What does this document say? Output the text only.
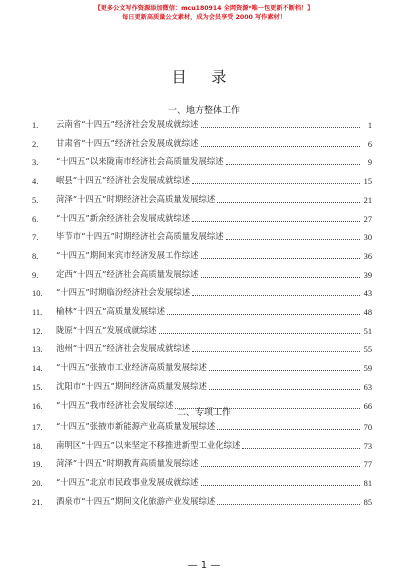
【更多公文写作资源添加微信：mcu180914 全网资源*唯一包更新不断档！】
每日更新高质量公文素材，成为会员享受 2000 写作素材！
目 录
一、地方整体工作
1.	云南省“十四五”经济社会发展成就综述	1
2.	甘肃省“十四五”经济社会发展成就综述	6
3.	“十四五”以来陇南市经济社会高质量发展综述	9
4.	岷县“十四五”经济社会发展成就综述	15
5.	菏泽“十四五”时期经济社会高质量发展综述	21
6.	“十四五”新余经济社会发展成就综述	27
7.	毕节市“十四五”时期经济社会高质量发展综述	30
8.	“十四五”期间来宾市经济发展工作综述	36
9.	定西“十四五”经济社会高质量发展综述	39
10.	“十四五”时期临汾经济社会发展综述	43
11.	榆林“十四五”高质量发展综述	48
12.	陇原“十四五”发展成就综述	51
13.	池州“十四五”经济社会发展成就综述	55
14.	“十四五”张掖市工业经济高质量发展综述	59
15.	沈阳市“十四五”期间经济高质量发展综述	63
16.	“十四五”我市经济社会发展综述	66
二、专项工作
17.	“十四五”张掖市新能源产业高质量发展综述	70
18.	南明区“十四五”以来坚定不移推进新型工业化综述	73
19.	菏泽“十四五”时期教育高质量发展综述	77
20.	“十四五”北京市民政事业发展成就综述	81
21.	酒泉市“十四五”期间文化旅游产业发展综述	85
— 1 —
